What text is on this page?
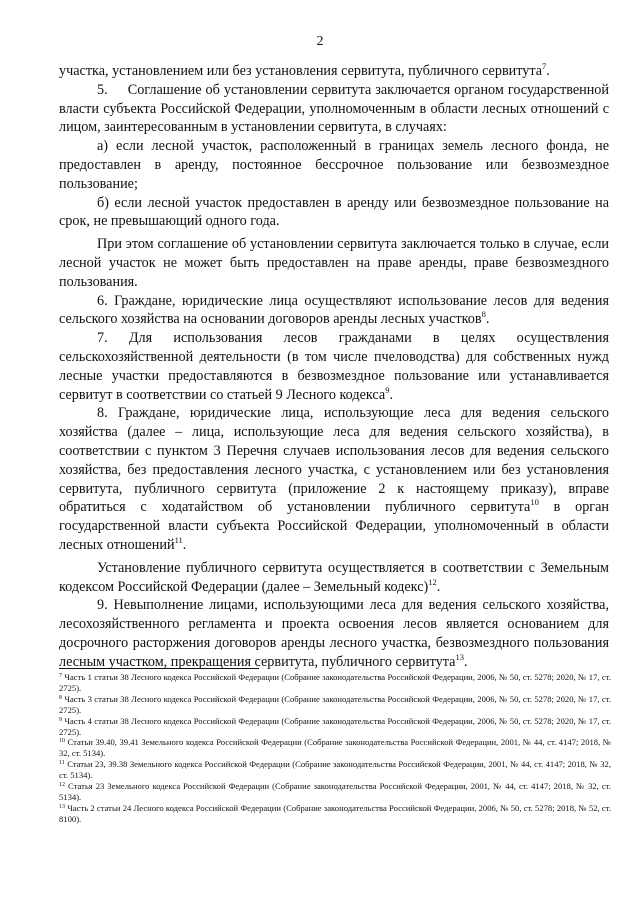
2

участка, установлением или без установления сервитута, публичного сервитута$^7$.

5.     Соглашение об установлении сервитута заключается органом государственной власти субъекта Российской Федерации, уполномоченным в области лесных отношений с лицом, заинтересованным в установлении сервитута, в случаях:

а) если лесной участок, расположенный в границах земель лесного фонда, не предоставлен в аренду, постоянное бессрочное пользование или безвозмездное пользование;

б) если лесной участок предоставлен в аренду или безвозмездное пользование на срок, не превышающий одного года.

При этом соглашение об установлении сервитута заключается только в случае, если лесной участок не может быть предоставлен на праве аренды, праве безвозмездного пользования.

6. Граждане, юридические лица осуществляют использование лесов для ведения сельского хозяйства на основании договоров аренды лесных участков$^8$.

7. Для использования лесов гражданами в целях осуществления сельскохозяйственной деятельности (в том числе пчеловодства) для собственных нужд лесные участки предоставляются в безвозмездное пользование или устанавливается сервитут в соответствии со статьей 9 Лесного кодекса$^9$.

8. Граждане, юридические лица, использующие леса для ведения сельского хозяйства (далее – лица, использующие леса для ведения сельского хозяйства), в соответствии с пунктом 3 Перечня случаев использования лесов для ведения сельского хозяйства, без предоставления лесного участка, с установлением или без установления сервитута, публичного сервитута (приложение 2 к настоящему приказу), вправе обратиться с ходатайством об установлении публичного сервитута$^{10}$ в орган государственной власти субъекта Российской Федерации, уполномоченный в области лесных отношений$^{11}$.

Установление публичного сервитута осуществляется в соответствии с Земельным кодексом Российской Федерации (далее – Земельный кодекс)$^{12}$.

9. Невыполнение лицами, использующими леса для ведения сельского хозяйства, лесохозяйственного регламента и проекта освоения лесов является основанием для досрочного расторжения договоров аренды лесного участка, безвозмездного пользования лесным участком, прекращения сервитута, публичного сервитута$^{13}$.

$^7$ Часть 1 статьи 38 Лесного кодекса Российской Федерации (Собрание законодательства Российской Федерации, 2006, № 50, ст. 5278; 2020, № 17, ст. 2725).

$^8$ Часть 3 статьи 38 Лесного кодекса Российской Федерации (Собрание законодательства Российской Федерации, 2006, № 50, ст. 5278; 2020, № 17, ст. 2725).

$^9$ Часть 4 статьи 38 Лесного кодекса Российской Федерации (Собрание законодательства Российской Федерации, 2006, № 50, ст. 5278; 2020, № 17, ст. 2725).

$^{10}$ Статьи 39.40, 39.41 Земельного кодекса Российской Федерации (Собрание законодательства Российской Федерации, 2001, № 44, ст. 4147; 2018, № 32, ст. 5134).

$^{11}$ Статьи 23, 39.38 Земельного кодекса Российской Федерации (Собрание законодательства Российской Федерации, 2001, № 44, ст. 4147; 2018, № 32, ст. 5134).

$^{12}$ Статья 23 Земельного кодекса Российской Федерации (Собрание законодательства Российской Федерации, 2001, № 44, ст. 4147; 2018, № 32, ст. 5134).

$^{13}$ Часть 2 статьи 24 Лесного кодекса Российской Федерации (Собрание законодательства Российской Федерации, 2006, № 50, ст. 5278; 2018, № 52, ст. 8100).
